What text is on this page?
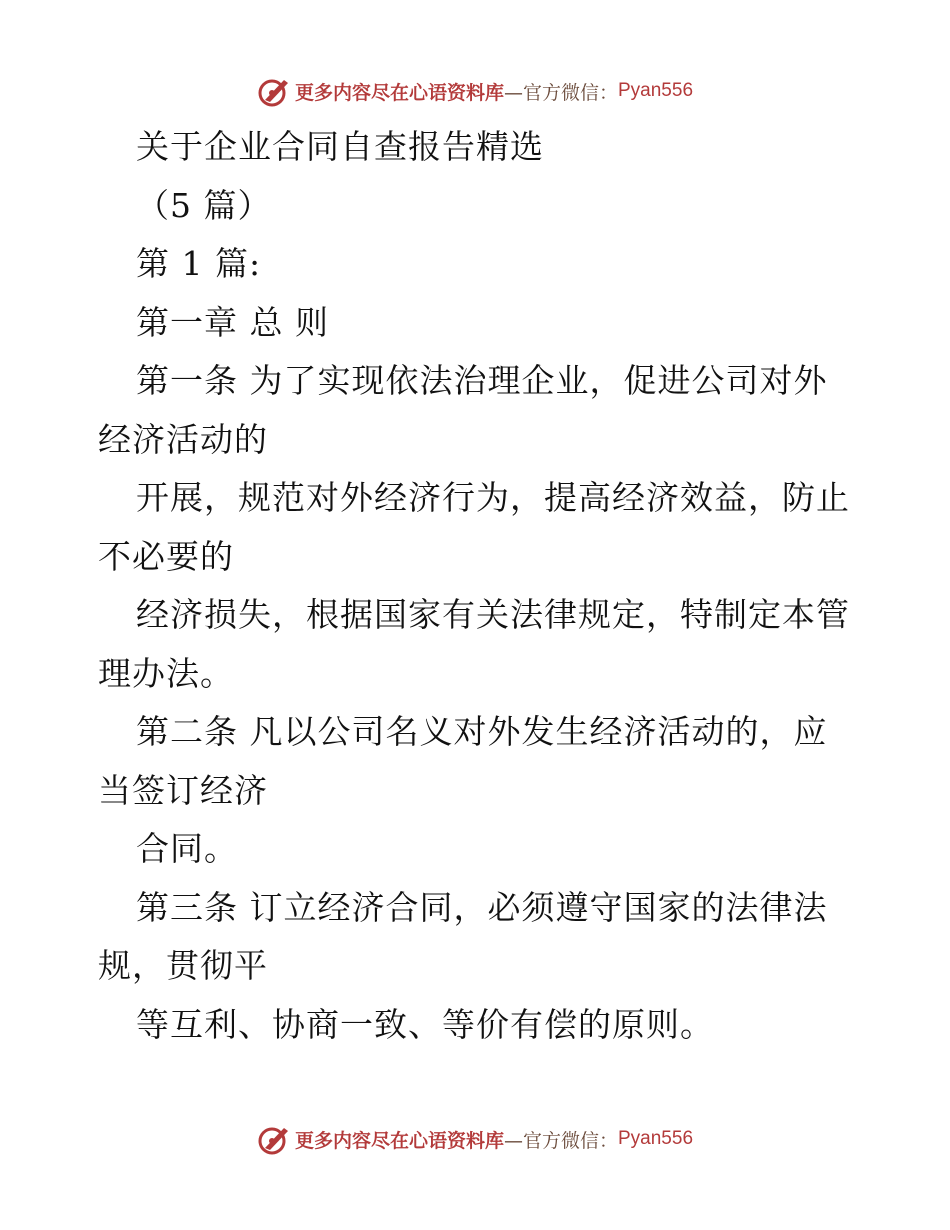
更多内容尽在心语资料库 —官方微信： Pyan556
关于企业合同自查报告精选
（5 篇）
第 1 篇:
第一章 总 则
第一条 为了实现依法治理企业，促进公司对外
经济活动的
开展，规范对外经济行为，提高经济效益，防止
不必要的
经济损失，根据国家有关法律规定，特制定本管
理办法。
第二条 凡以公司名义对外发生经济活动的，应
当签订经济
合同。
第三条 订立经济合同，必须遵守国家的法律法
规，贯彻平
等互利、协商一致、等价有偿的原则。
更多内容尽在心语资料库 —官方微信： Pyan556
